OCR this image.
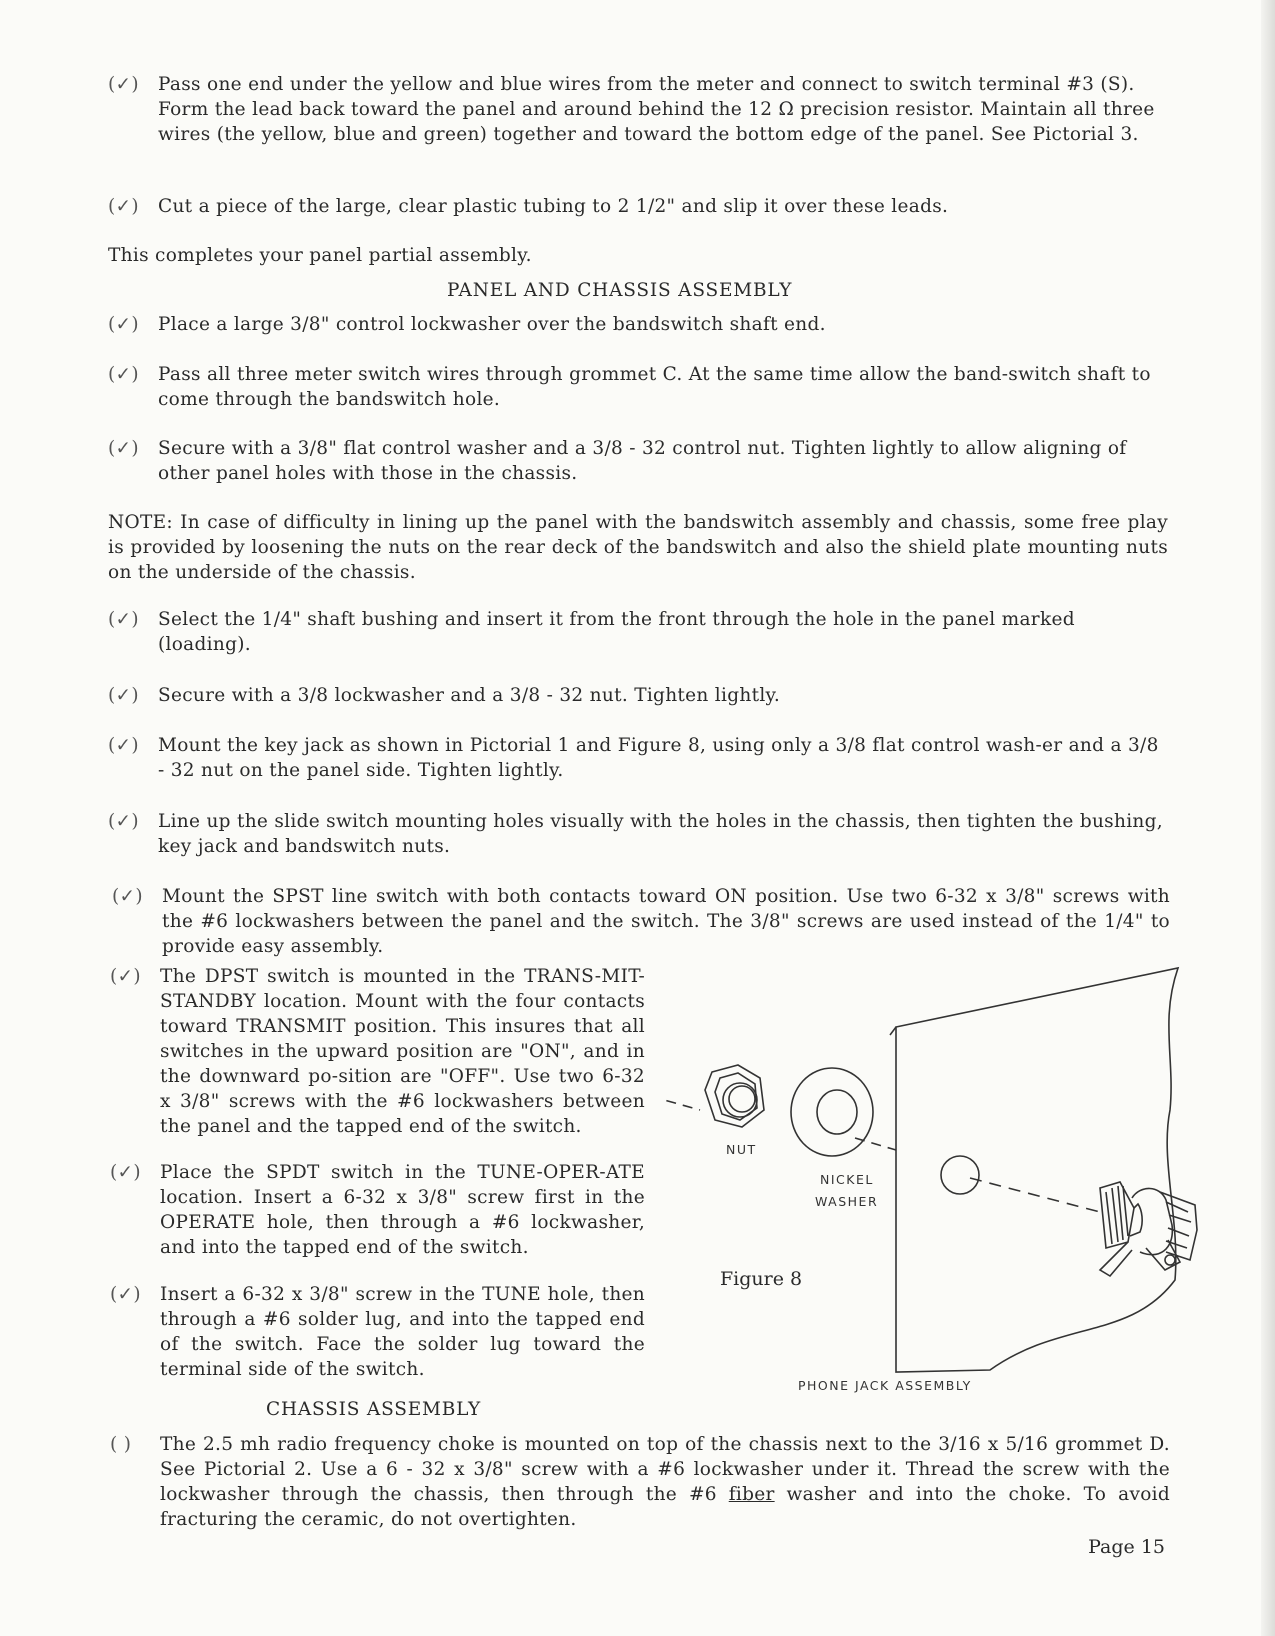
(✓)	Pass one end under the yellow and blue wires from the meter and connect to switch terminal #3 (S). Form the lead back toward the panel and around behind the 12 Ω precision resistor. Maintain all three wires (the yellow, blue and green) together and toward the bottom edge of the panel. See Pictorial 3.
(✓)	Cut a piece of the large, clear plastic tubing to 2 1/2" and slip it over these leads.
This completes your panel partial assembly.
PANEL AND CHASSIS ASSEMBLY
(✓)	Place a large 3/8" control lockwasher over the bandswitch shaft end.
(✓)	Pass all three meter switch wires through grommet C. At the same time allow the band-switch shaft to come through the bandswitch hole.
(✓)	Secure with a 3/8" flat control washer and a 3/8 - 32 control nut. Tighten lightly to allow aligning of other panel holes with those in the chassis.
NOTE: In case of difficulty in lining up the panel with the bandswitch assembly and chassis, some free play is provided by loosening the nuts on the rear deck of the bandswitch and also the shield plate mounting nuts on the underside of the chassis.
(✓)	Select the 1/4" shaft bushing and insert it from the front through the hole in the panel marked (loading).
(✓)	Secure with a 3/8 lockwasher and a 3/8 - 32 nut. Tighten lightly.
(✓)	Mount the key jack as shown in Pictorial 1 and Figure 8, using only a 3/8 flat control wash-er and a 3/8 - 32 nut on the panel side. Tighten lightly.
(✓)	Line up the slide switch mounting holes visually with the holes in the chassis, then tighten the bushing, key jack and bandswitch nuts.
(✓)	Mount the SPST line switch with both contacts toward ON position. Use two 6-32 x 3/8" screws with the #6 lockwashers between the panel and the switch. The 3/8" screws are used instead of the 1/4" to provide easy assembly.
(✓)	The DPST switch is mounted in the TRANS-MIT-STANDBY location. Mount with the four contacts toward TRANSMIT position. This insures that all switches in the upward position are "ON", and in the downward po-sition are "OFF". Use two 6-32 x 3/8" screws with the #6 lockwashers between the panel and the tapped end of the switch.
(✓)	Place the SPDT switch in the TUNE-OPER-ATE location. Insert a 6-32 x 3/8" screw first in the OPERATE hole, then through a #6 lockwasher, and into the tapped end of the switch.
(✓)	Insert a 6-32 x 3/8" screw in the TUNE hole, then through a #6 solder lug, and into the tapped end of the switch. Face the solder lug toward the terminal side of the switch.
NUT
NICKEL
WASHER
PHONE JACK ASSEMBLY
Figure 8
CHASSIS ASSEMBLY
( )	The 2.5 mh radio frequency choke is mounted on top of the chassis next to the 3/16 x 5/16 grommet D. See Pictorial 2. Use a 6 - 32 x 3/8" screw with a #6 lockwasher under it. Thread the screw with the lockwasher through the chassis, then through the #6 fiber washer and into the choke. To avoid fracturing the ceramic, do not overtighten.
Page 15
